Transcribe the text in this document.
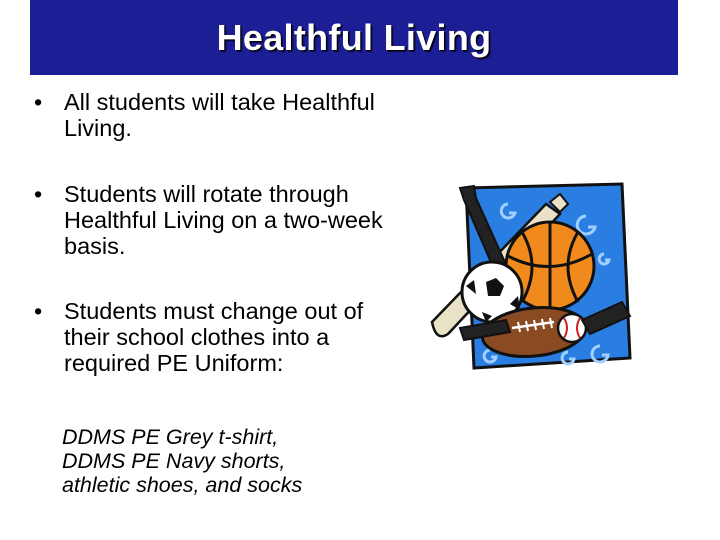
Healthful Living
• All students will take Healthful Living.
• Students will rotate through Healthful Living on a two-week basis.
• Students must change out of their school clothes into a required PE Uniform:
DDMS PE Grey t-shirt,
DDMS PE Navy shorts,
athletic shoes, and socks
